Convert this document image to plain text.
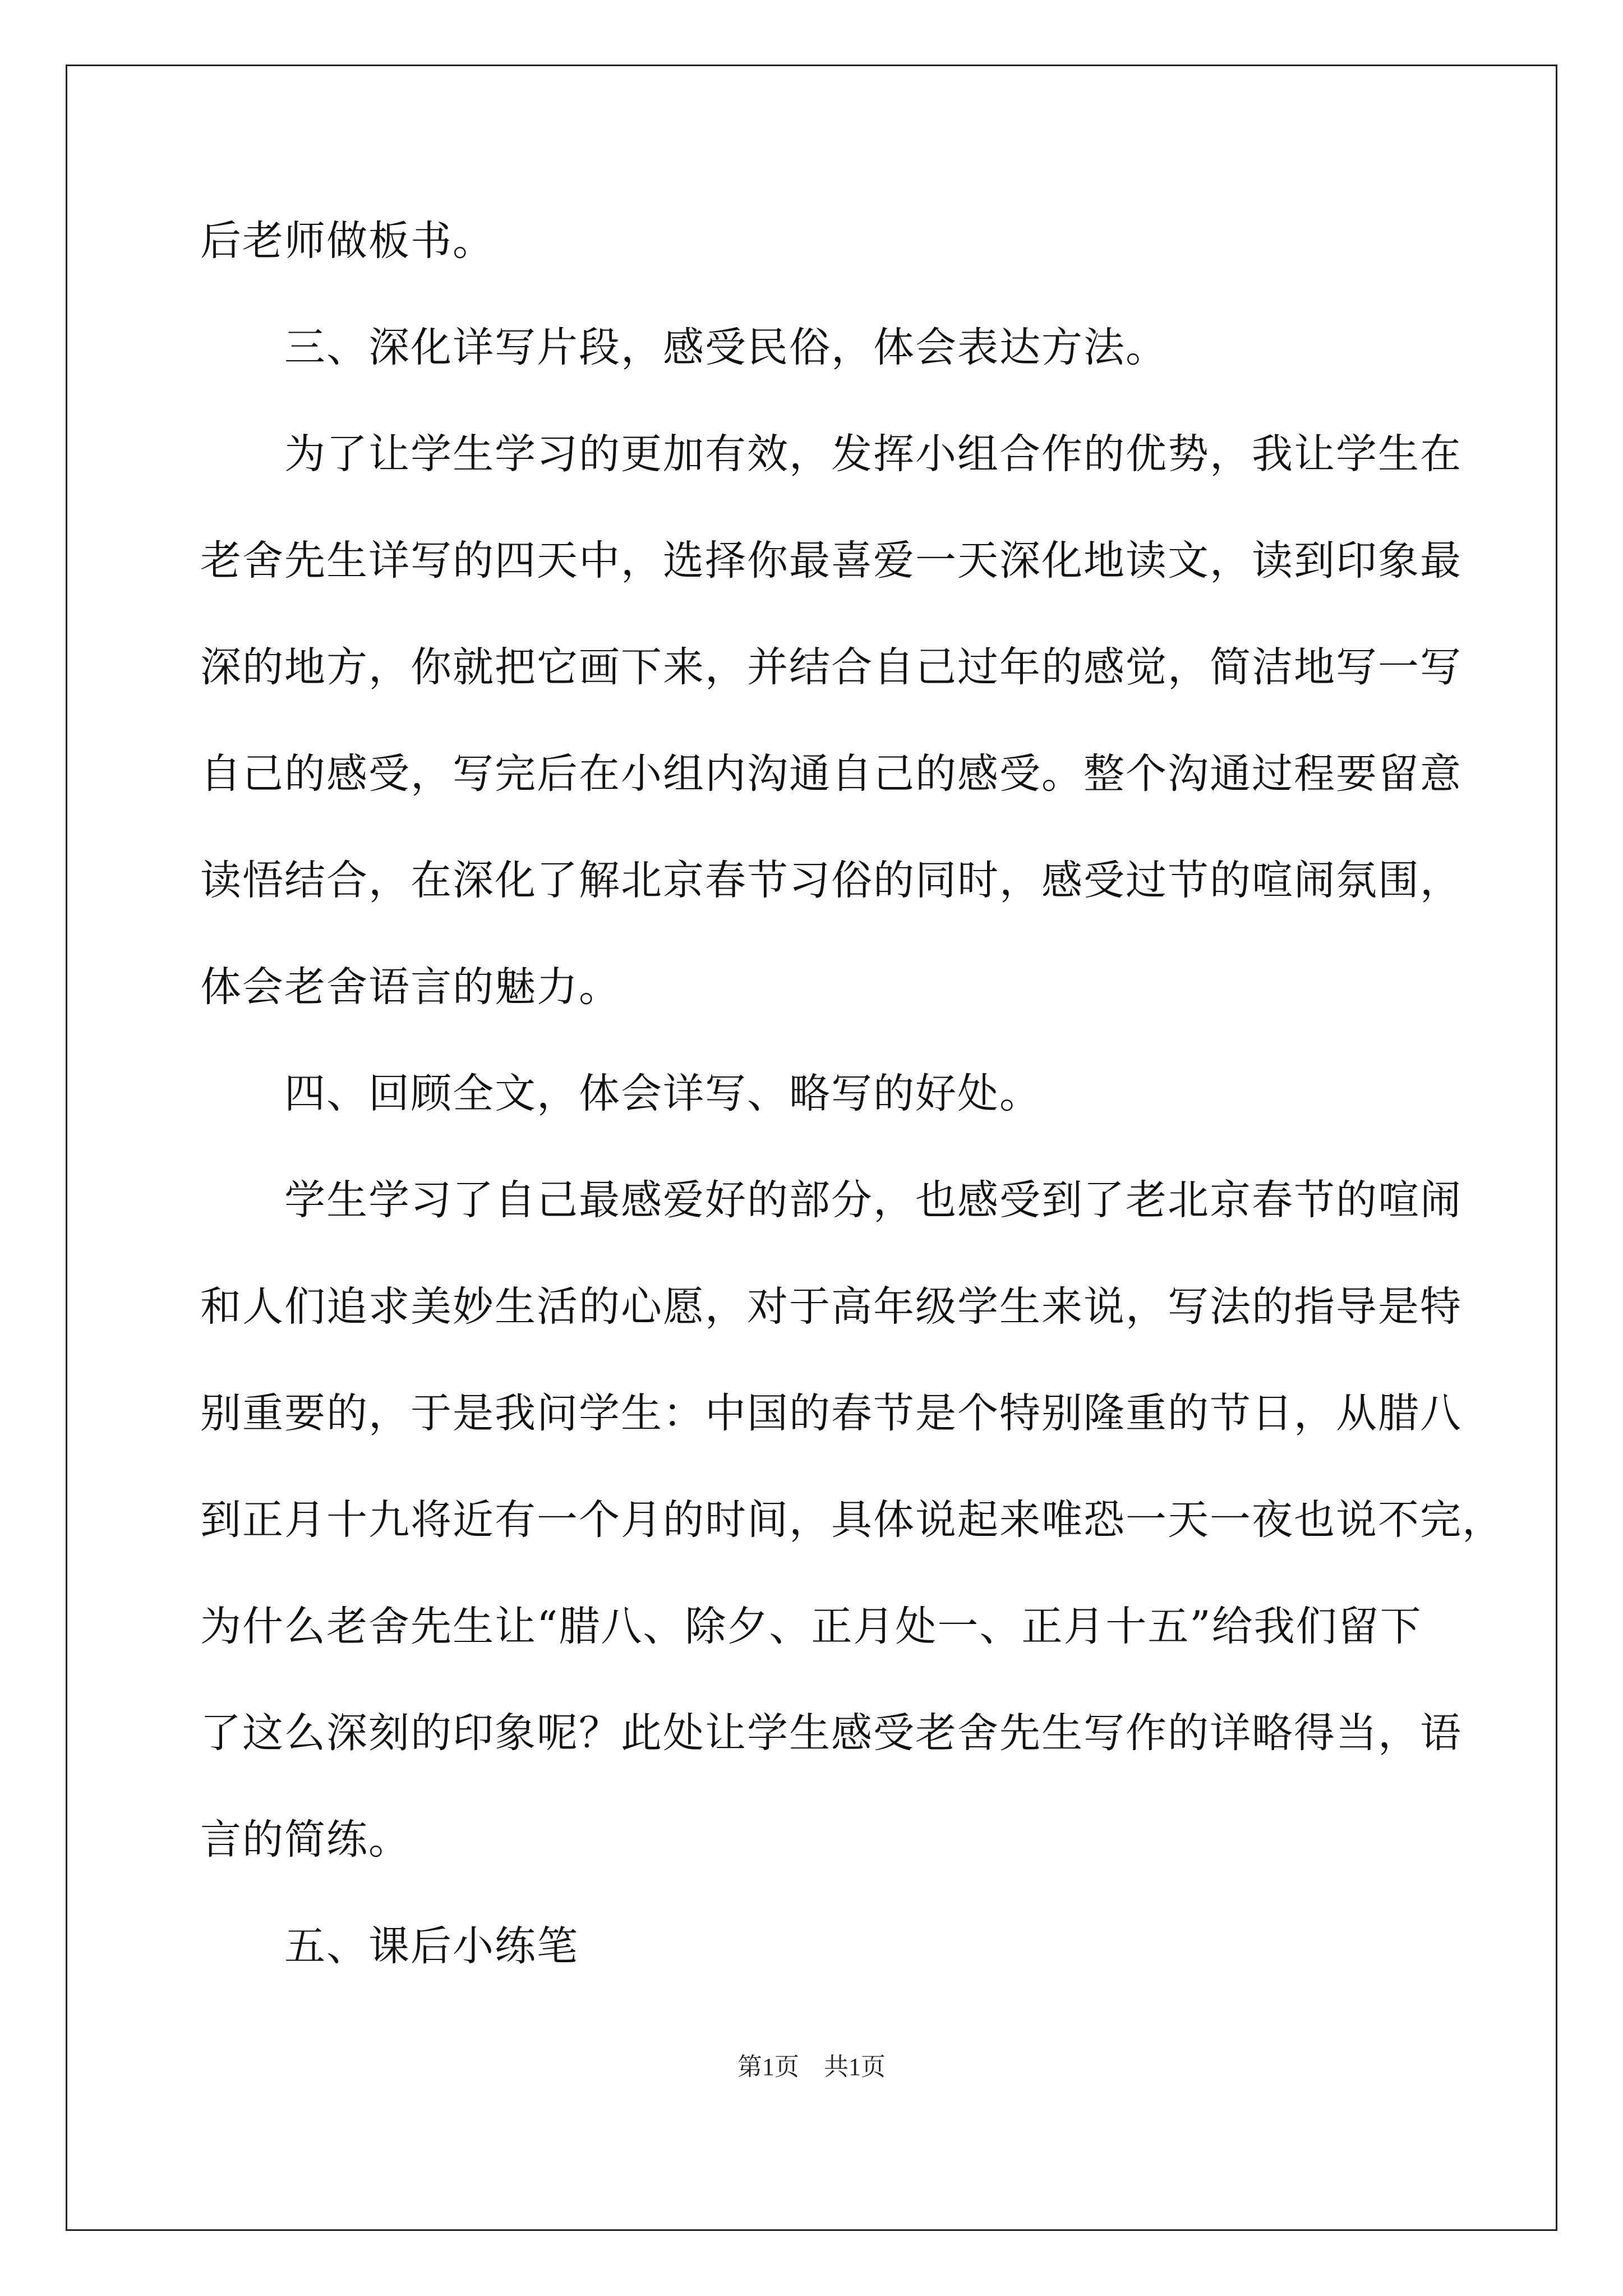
后老师做板书。
　　三、深化详写片段，感受民俗，体会表达方法。
　　为了让学生学习的更加有效，发挥小组合作的优势，我让学生在
老舍先生详写的四天中，选择你最喜爱一天深化地读文，读到印象最
深的地方，你就把它画下来，并结合自己过年的感觉，简洁地写一写
自己的感受，写完后在小组内沟通自己的感受。整个沟通过程要留意
读悟结合，在深化了解北京春节习俗的同时，感受过节的喧闹氛围，
体会老舍语言的魅力。
　　四、回顾全文，体会详写、略写的好处。
　　学生学习了自己最感爱好的部分，也感受到了老北京春节的喧闹
和人们追求美妙生活的心愿，对于高年级学生来说，写法的指导是特
别重要的，于是我问学生：中国的春节是个特别隆重的节日，从腊八
到正月十九将近有一个月的时间，具体说起来唯恐一天一夜也说不完，
为什么老舍先生让“腊八、除夕、正月处一、正月十五”给我们留下
了这么深刻的印象呢？此处让学生感受老舍先生写作的详略得当，语
言的简练。
　　五、课后小练笔
第1页　共1页
